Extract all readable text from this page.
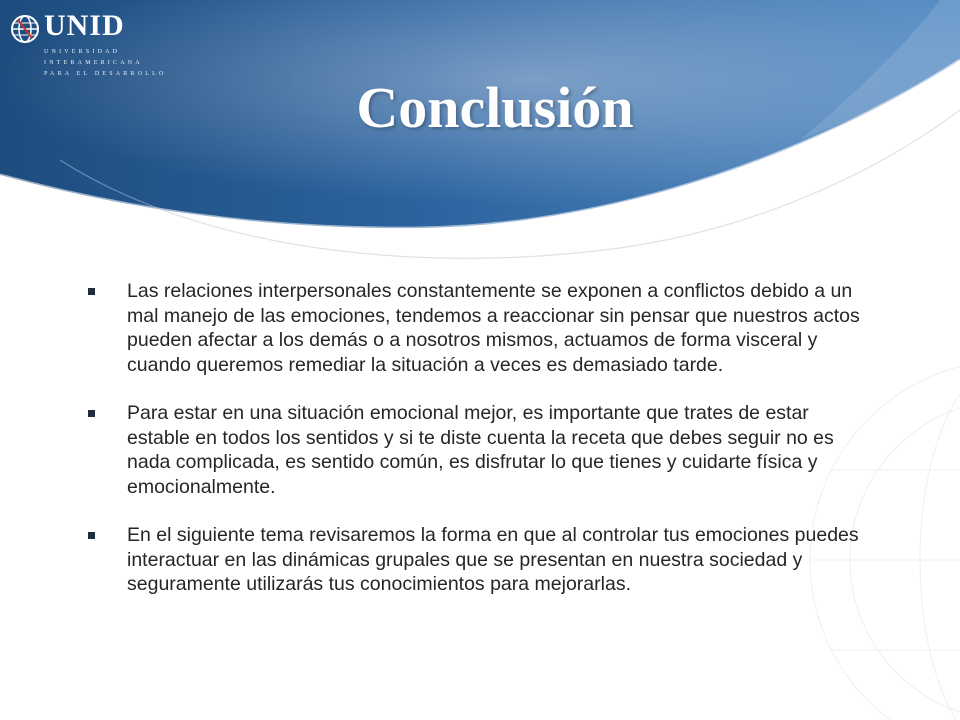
UNID
UNIVERSIDAD
INTERAMERICANA
PARA EL DESARROLLO
Conclusión
Las relaciones interpersonales constantemente se exponen a conflictos debido a un mal manejo de las emociones, tendemos a reaccionar sin pensar que nuestros actos pueden afectar a los demás o a nosotros mismos, actuamos de forma visceral y cuando queremos remediar la situación a veces es demasiado tarde.
Para estar en una situación emocional mejor, es importante que trates de estar estable en todos los sentidos y si te diste cuenta la receta que debes seguir no es nada complicada, es sentido común, es disfrutar lo que tienes y cuidarte física y emocionalmente.
En el siguiente tema revisaremos la forma en que al controlar tus emociones puedes interactuar en las dinámicas grupales que se presentan en nuestra sociedad y seguramente utilizarás tus conocimientos para mejorarlas.
